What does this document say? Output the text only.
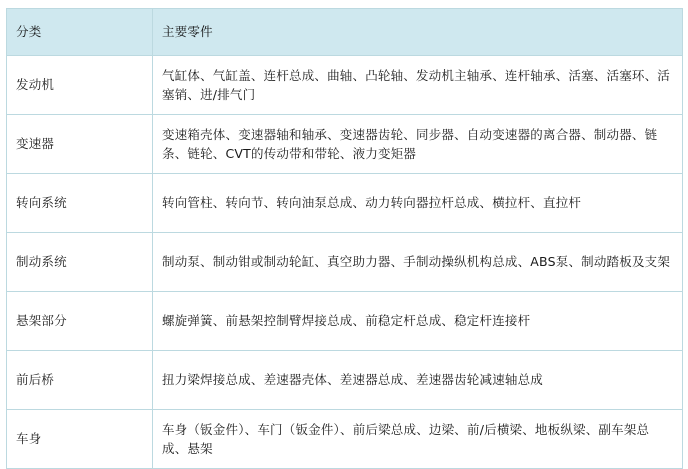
分类	主要零件
发动机	气缸体、气缸盖、连杆总成、曲轴、凸轮轴、发动机主轴承、连杆轴承、活塞、活塞环、活塞销、进/排气门
变速器	变速箱壳体、变速器轴和轴承、变速器齿轮、同步器、自动变速器的离合器、制动器、链条、链轮、CVT的传动带和带轮、液力变矩器
转向系统	转向管柱、转向节、转向油泵总成、动力转向器拉杆总成、横拉杆、直拉杆
制动系统	制动泵、制动钳或制动轮缸、真空助力器、手制动操纵机构总成、ABS泵、制动踏板及支架
悬架部分	螺旋弹簧、前悬架控制臂焊接总成、前稳定杆总成、稳定杆连接杆
前后桥	扭力梁焊接总成、差速器壳体、差速器总成、差速器齿轮减速轴总成
车身	车身（钣金件）、车门（钣金件）、前后梁总成、边梁、前/后横梁、地板纵梁、副车架总成、悬架
